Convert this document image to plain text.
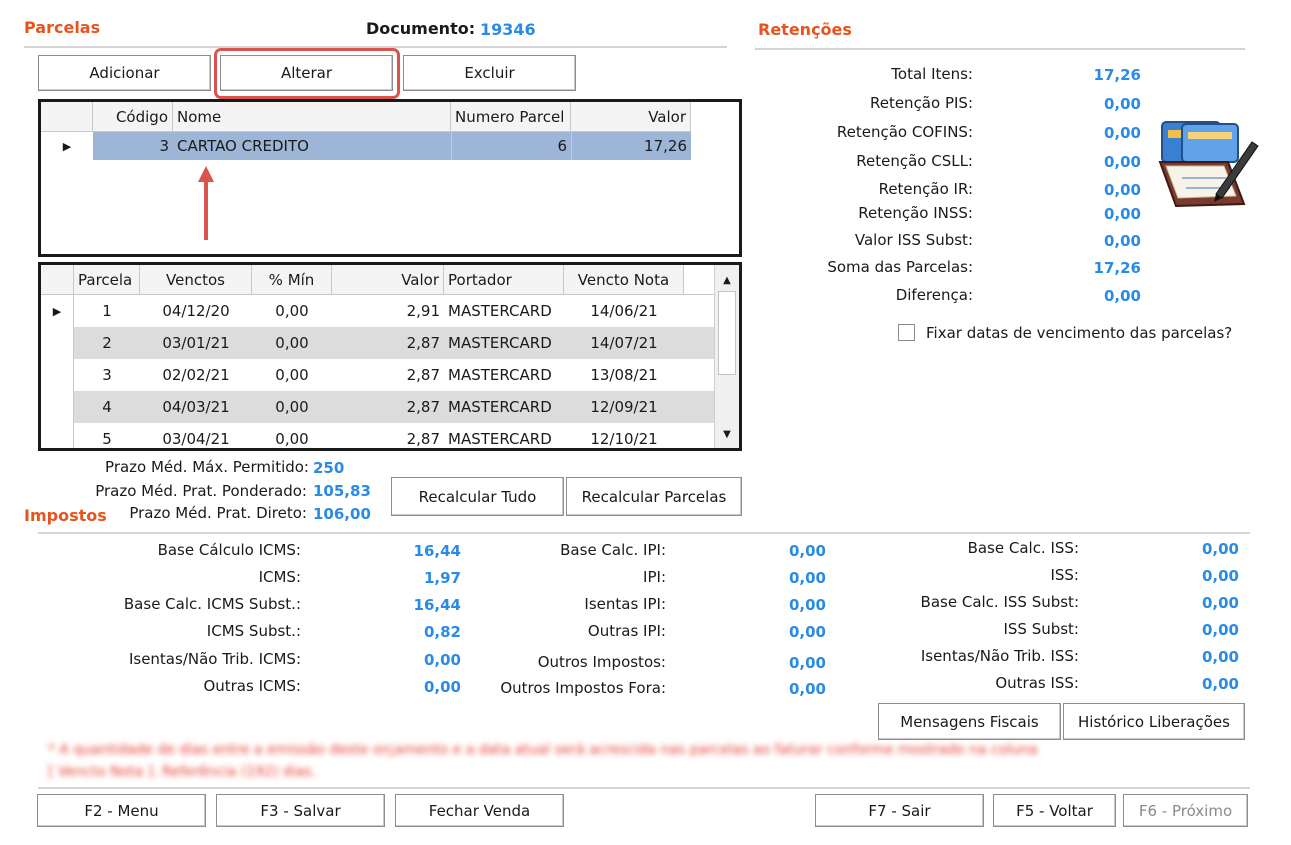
Parcelas	Documento: 19346
Adicionar	Alterar	Excluir
Código Nome	Numero Parcel	Valor
▶	3 CARTAO CREDITO	6	17,26
Parcela	Venctos	% Mín	Valor Portador	Vencto Nota
▶	1	04/12/20	0,00	2,91 MASTERCARD	14/06/21
2	03/01/21	0,00	2,87 MASTERCARD	14/07/21
3	02/02/21	0,00	2,87 MASTERCARD	13/08/21
4	04/03/21	0,00	2,87 MASTERCARD	12/09/21
5	03/04/21	0,00	2,87 MASTERCARD	12/10/21
▲
▼
Prazo Méd. Máx. Permitido: 250
Prazo Méd. Prat. Ponderado: 105,83
Impostos Prazo Méd. Prat. Direto: 106,00
Recalcular Tudo	Recalcular Parcelas
Retenções
Total Itens:	17,26
Retenção PIS:	0,00
Retenção COFINS:	0,00
Retenção CSLL:	0,00
Retenção IR:	0,00
Retenção INSS:	0,00
Valor ISS Subst:	0,00
Soma das Parcelas:	17,26
Diferença:	0,00
Fixar datas de vencimento das parcelas?
Base Cálculo ICMS:	16,44
ICMS:	1,97
Base Calc. ICMS Subst.:	16,44
ICMS Subst.:	0,82
Isentas/Não Trib. ICMS:	0,00
Outras ICMS:	0,00
Base Calc. IPI:	0,00
IPI:	0,00
Isentas IPI:	0,00
Outras IPI:	0,00
Outros Impostos:	0,00
Outros Impostos Fora:	0,00
Base Calc. ISS:	0,00
ISS:	0,00
Base Calc. ISS Subst:	0,00
ISS Subst:	0,00
Isentas/Não Trib. ISS:	0,00
Outras ISS:	0,00
Mensagens Fiscais	Histórico Liberações
* A quantidade de dias entre a emissão deste orçamento e a data atual será acrescida nas parcelas ao faturar conforme mostrado na coluna
[ Vencto Nota ]. Referência (192) dias.
F2 - Menu	F3 - Salvar	Fechar Venda	F7 - Sair	F5 - Voltar	F6 - Próximo
